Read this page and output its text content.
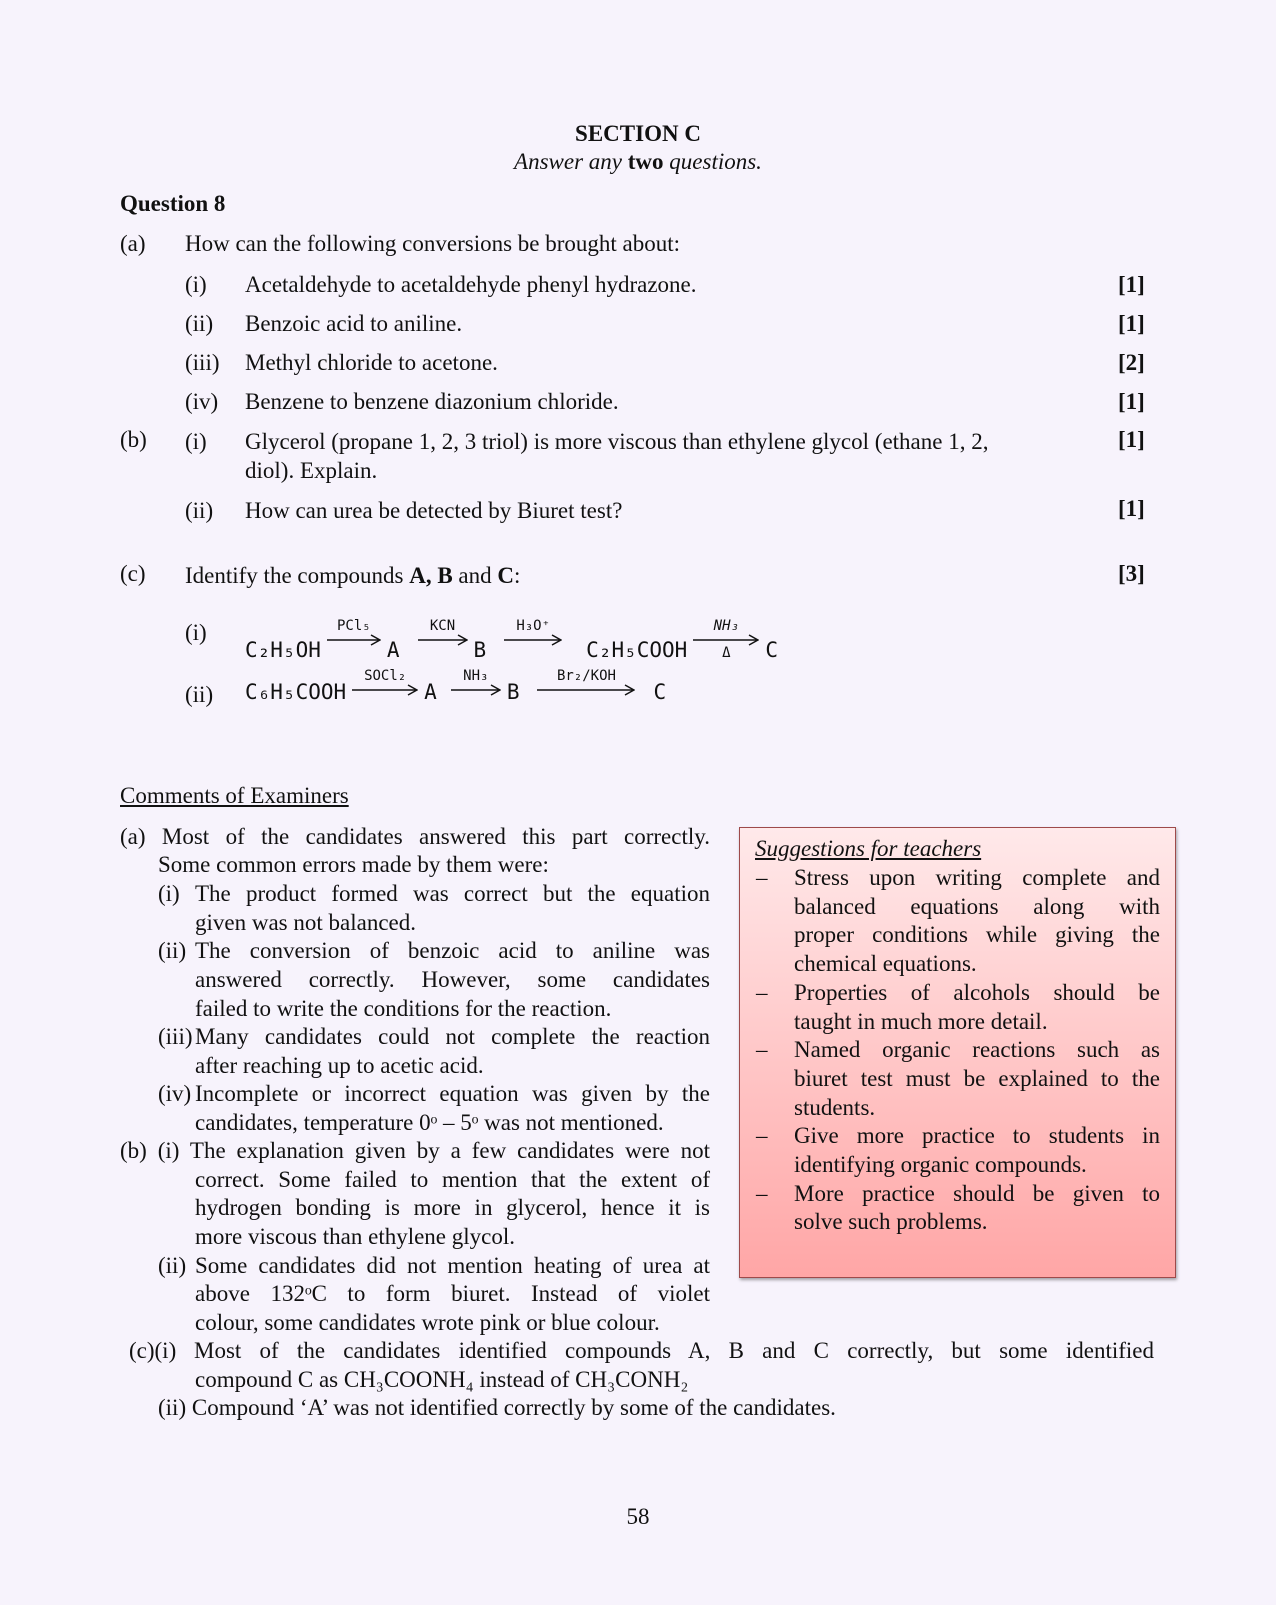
SECTION C
Answer any two questions.
Question 8
(a) How can the following conversions be brought about:
(i) Acetaldehyde to acetaldehyde phenyl hydrazone.	[1]
(ii) Benzoic acid to aniline.	[1]
(iii) Methyl chloride to acetone.	[2]
(iv) Benzene to benzene diazonium chloride.	[1]
(b) (i) Glycerol (propane 1, 2, 3 triol) is more viscous than ethylene glycol (ethane 1, 2,
diol). Explain.
[1]
(ii) How can urea be detected by Biuret test?	[1]
(c) Identify the compounds A, B and C:	[3]
(i)
C₂H₅OH
PCl₅
A
KCN
B
H₃O⁺
C₂H₅COOH
NH₃
Δ C
(ii) C₆H₅COOH
SOCl₂
A
NH₃
B
Br₂/KOH
C
Comments of Examiners
(a) Most of the candidates answered this part correctly.
Some common errors made by them were:
(i) The product formed was correct but the equation
given was not balanced.
(ii) The conversion of benzoic acid to aniline was
answered correctly. However, some candidates
failed to write the conditions for the reaction.
(iii) Many candidates could not complete the reaction
after reaching up to acetic acid.
(iv) Incomplete or incorrect equation was given by the
candidates, temperature 0ᵒ – 5ᵒ was not mentioned.
(b) (i) The explanation given by a few candidates were not
correct. Some failed to mention that the extent of
hydrogen bonding is more in glycerol, hence it is
more viscous than ethylene glycol.
(ii) Some candidates did not mention heating of urea at
above 132ᵒC to form biuret. Instead of violet
colour, some candidates wrote pink or blue colour.
(c)(i) Most of the candidates identified compounds A, B and C correctly, but some identified
compound C as CH₃COONH₄ instead of CH₃CONH₂
(ii) Compound ‘A’ was not identified correctly by some of the candidates.
Suggestions for teachers
– Stress upon writing complete and
balanced equations along with
proper conditions while giving the
chemical equations.
– Properties of alcohols should be
taught in much more detail.
– Named organic reactions such as
biuret test must be explained to the
students.
– Give more practice to students in
identifying organic compounds.
– More practice should be given to
solve such problems.
58
